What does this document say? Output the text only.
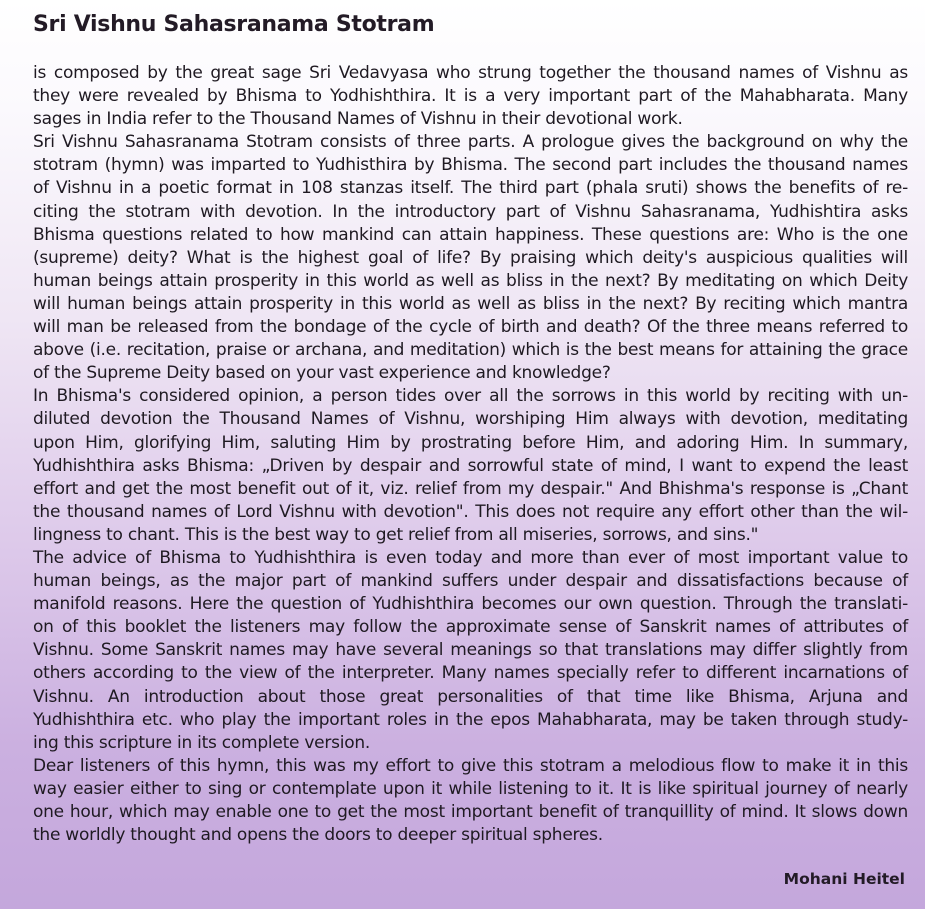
Sri Vishnu Sahasranama Stotram
is composed by the great sage Sri Vedavyasa who strung together the thousand names of Vishnu as
they were revealed by Bhisma to Yodhishthira. It is a very important part of the Mahabharata. Many
sages in India refer to the Thousand Names of Vishnu in their devotional work.
Sri Vishnu Sahasranama Stotram consists of three parts. A prologue gives the background on why the
stotram (hymn) was imparted to Yudhisthira by Bhisma. The second part includes the thousand names
of Vishnu in a poetic format in 108 stanzas itself. The third part (phala sruti) shows the benefits of re-
citing the stotram with devotion. In the introductory part of Vishnu Sahasranama, Yudhishtira asks
Bhisma questions related to how mankind can attain happiness. These questions are: Who is the one
(supreme) deity? What is the highest goal of life? By praising which deity's auspicious qualities will
human beings attain prosperity in this world as well as bliss in the next? By meditating on which Deity
will human beings attain prosperity in this world as well as bliss in the next? By reciting which mantra
will man be released from the bondage of the cycle of birth and death? Of the three means referred to
above (i.e. recitation, praise or archana, and meditation) which is the best means for attaining the grace
of the Supreme Deity based on your vast experience and knowledge?
In Bhisma's considered opinion, a person tides over all the sorrows in this world by reciting with un-
diluted devotion the Thousand Names of Vishnu, worshiping Him always with devotion, meditating
upon Him, glorifying Him, saluting Him by prostrating before Him, and adoring Him. In summary,
Yudhishthira asks Bhisma: „Driven by despair and sorrowful state of mind, I want to expend the least
effort and get the most benefit out of it, viz. relief from my despair." And Bhishma's response is „Chant
the thousand names of Lord Vishnu with devotion". This does not require any effort other than the wil-
lingness to chant. This is the best way to get relief from all miseries, sorrows, and sins."
The advice of Bhisma to Yudhishthira is even today and more than ever of most important value to
human beings, as the major part of mankind suffers under despair and dissatisfactions because of
manifold reasons. Here the question of Yudhishthira becomes our own question. Through the translati-
on of this booklet the listeners may follow the approximate sense of Sanskrit names of attributes of
Vishnu. Some Sanskrit names may have several meanings so that translations may differ slightly from
others according to the view of the interpreter. Many names specially refer to different incarnations of
Vishnu. An introduction about those great personalities of that time like Bhisma, Arjuna and
Yudhishthira etc. who play the important roles in the epos Mahabharata, may be taken through study-
ing this scripture in its complete version.
Dear listeners of this hymn, this was my effort to give this stotram a melodious flow to make it in this
way easier either to sing or contemplate upon it while listening to it. It is like spiritual journey of nearly
one hour, which may enable one to get the most important benefit of tranquillity of mind. It slows down
the worldly thought and opens the doors to deeper spiritual spheres.
Mohani Heitel
